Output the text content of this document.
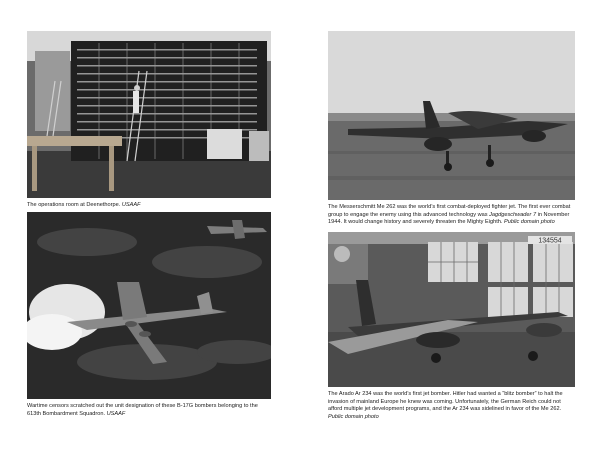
The operations room at Deenethorpe. USAAF	The Messerschmitt Me 262 was the world’s first combat-deployed fighter jet. The first ever combat group to engage the enemy using this advanced technology was Jagdgeschwader 7 in November 1944. It would change history and severely threaten the Mighty Eighth. Public domain photo
Wartime censors scratched out the unit designation of these B-17G bombers belonging to the 613th Bombardment Squadron. USAAF
134554
The Arado Ar 234 was the world’s first jet bomber. Hitler had wanted a “blitz bomber” to halt the invasion of mainland Europe he knew was coming. Unfortunately, the German Reich could not afford multiple jet development programs, and the Ar 234 was sidelined in favor of the Me 262. Public domain photo
